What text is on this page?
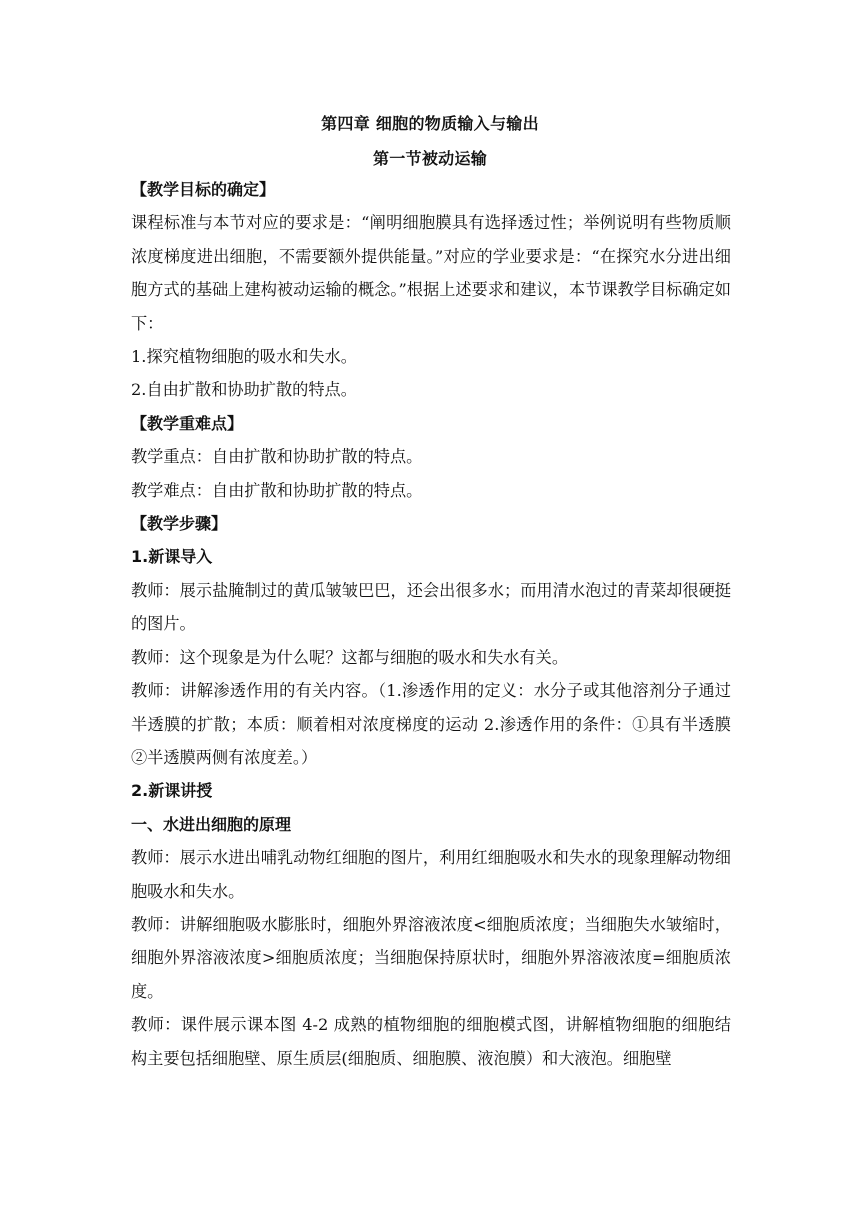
第四章 细胞的物质输入与输出
第一节被动运输

【教学目标的确定】

课程标准与本节对应的要求是：“阐明细胞膜具有选择透过性；举例说明有些物质顺浓度梯度进出细胞，不需要额外提供能量。”对应的学业要求是：“在探究水分进出细胞方式的基础上建构被动运输的概念。”根据上述要求和建议，本节课教学目标确定如下：

1.探究植物细胞的吸水和失水。

2.自由扩散和协助扩散的特点。

【教学重难点】

教学重点：自由扩散和协助扩散的特点。

教学难点：自由扩散和协助扩散的特点。

【教学步骤】

1.新课导入

教师：展示盐腌制过的黄瓜皱皱巴巴，还会出很多水；而用清水泡过的青菜却很硬挺的图片。

教师：这个现象是为什么呢？这都与细胞的吸水和失水有关。

教师：讲解渗透作用的有关内容。（1.渗透作用的定义：水分子或其他溶剂分子通过半透膜的扩散；本质：顺着相对浓度梯度的运动 2.渗透作用的条件：①具有半透膜 ②半透膜两侧有浓度差。）

2.新课讲授

一、水进出细胞的原理

教师：展示水进出哺乳动物红细胞的图片，利用红细胞吸水和失水的现象理解动物细胞吸水和失水。

教师：讲解细胞吸水膨胀时，细胞外界溶液浓度<细胞质浓度；当细胞失水皱缩时，细胞外界溶液浓度>细胞质浓度；当细胞保持原状时，细胞外界溶液浓度=细胞质浓度。

教师：课件展示课本图 4-2 成熟的植物细胞的细胞模式图，讲解植物细胞的细胞结构主要包括细胞壁、原生质层(细胞质、细胞膜、液泡膜）和大液泡。细胞壁
